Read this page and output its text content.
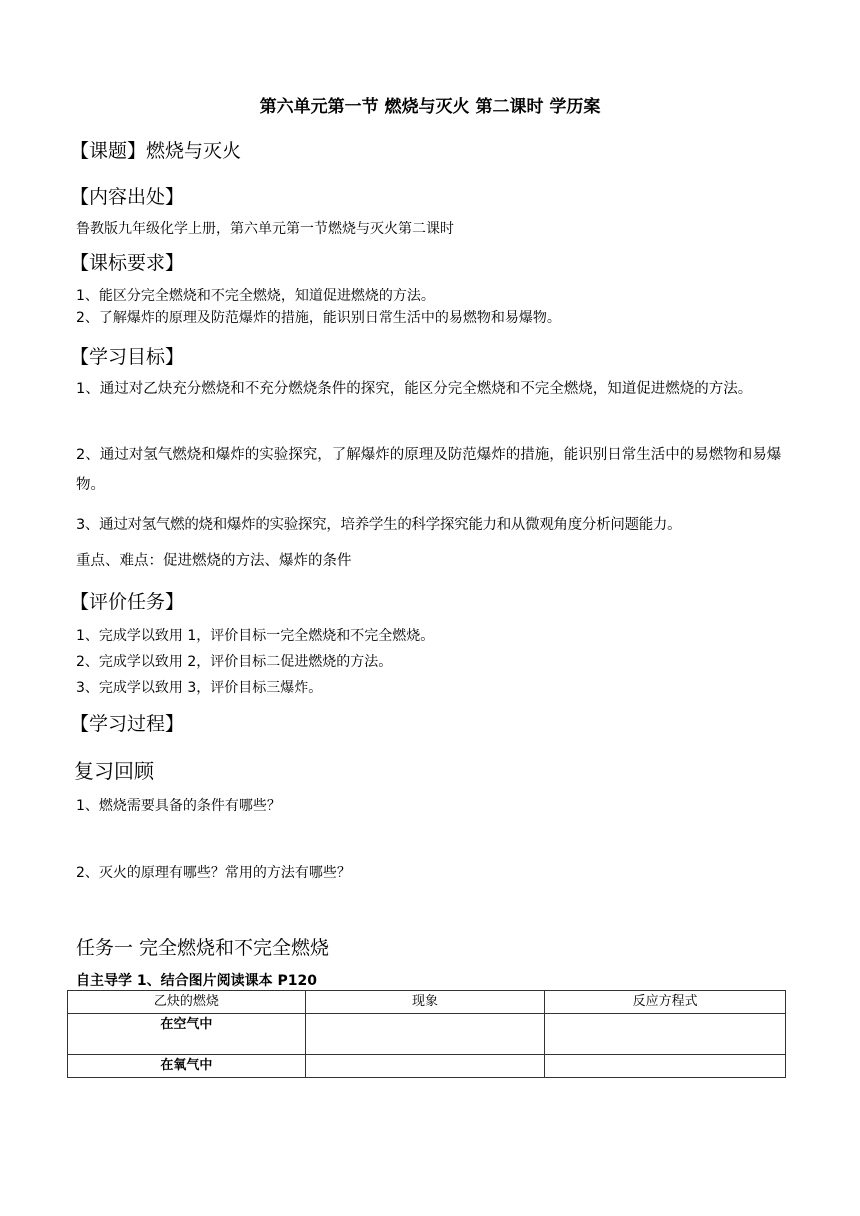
第六单元第一节 燃烧与灭火 第二课时 学历案
【课题】燃烧与灭火
【内容出处】
鲁教版九年级化学上册，第六单元第一节燃烧与灭火第二课时
【课标要求】
1、能区分完全燃烧和不完全燃烧，知道促进燃烧的方法。
2、了解爆炸的原理及防范爆炸的措施，能识别日常生活中的易燃物和易爆物。
【学习目标】
1、通过对乙炔充分燃烧和不充分燃烧条件的探究，能区分完全燃烧和不完全燃烧，知道促进燃烧的方法。
2、通过对氢气燃烧和爆炸的实验探究，了解爆炸的原理及防范爆炸的措施，能识别日常生活中的易燃物和易爆物。
3、通过对氢气燃的烧和爆炸的实验探究，培养学生的科学探究能力和从微观角度分析问题能力。
重点、难点：促进燃烧的方法、爆炸的条件
【评价任务】
1、完成学以致用 1，评价目标一完全燃烧和不完全燃烧。
2、完成学以致用 2，评价目标二促进燃烧的方法。
3、完成学以致用 3，评价目标三爆炸。
【学习过程】
复习回顾
1、燃烧需要具备的条件有哪些？
2、灭火的原理有哪些？常用的方法有哪些？
任务一 完全燃烧和不完全燃烧
自主导学 1、结合图片阅读课本 P120
乙炔的燃烧	现象	反应方程式
在空气中		
在氧气中		
